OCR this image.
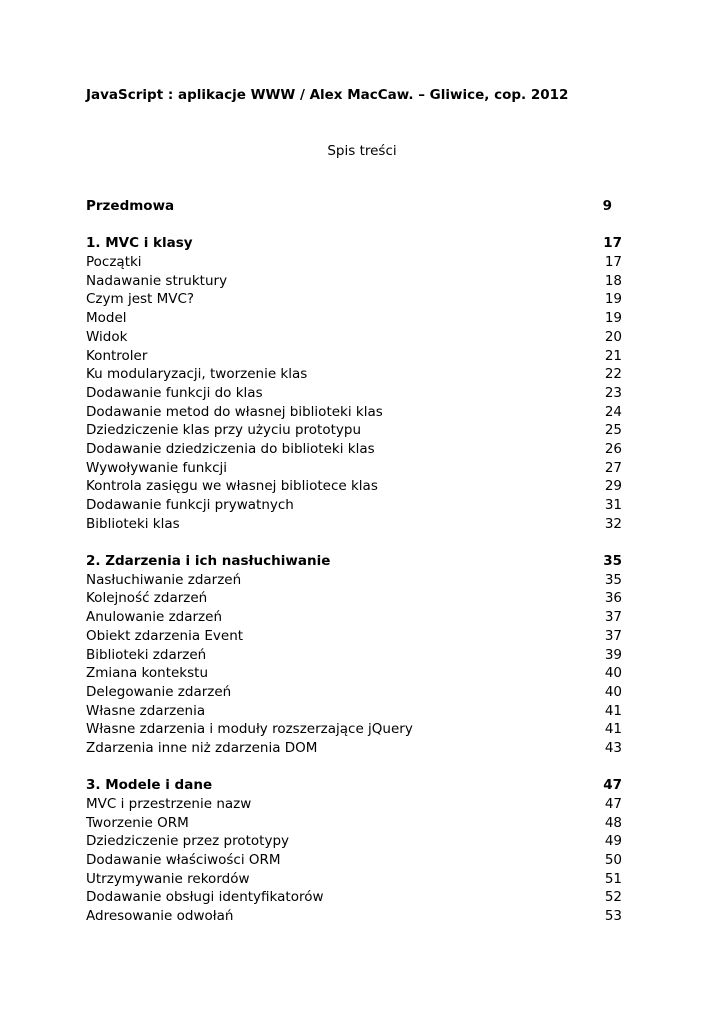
JavaScript : aplikacje WWW / Alex MacCaw. – Gliwice, cop. 2012
Spis treści
Przedmowa	9
1. MVC i klasy	17
Początki	17
Nadawanie struktury	18
Czym jest MVC?	19
Model	19
Widok	20
Kontroler	21
Ku modularyzacji, tworzenie klas	22
Dodawanie funkcji do klas	23
Dodawanie metod do własnej biblioteki klas	24
Dziedziczenie klas przy użyciu prototypu	25
Dodawanie dziedziczenia do biblioteki klas	26
Wywoływanie funkcji	27
Kontrola zasięgu we własnej bibliotece klas	29
Dodawanie funkcji prywatnych	31
Biblioteki klas	32
2. Zdarzenia i ich nasłuchiwanie	35
Nasłuchiwanie zdarzeń	35
Kolejność zdarzeń	36
Anulowanie zdarzeń	37
Obiekt zdarzenia Event	37
Biblioteki zdarzeń	39
Zmiana kontekstu	40
Delegowanie zdarzeń	40
Własne zdarzenia	41
Własne zdarzenia i moduły rozszerzające jQuery	41
Zdarzenia inne niż zdarzenia DOM	43
3. Modele i dane	47
MVC i przestrzenie nazw	47
Tworzenie ORM	48
Dziedziczenie przez prototypy	49
Dodawanie właściwości ORM	50
Utrzymywanie rekordów	51
Dodawanie obsługi identyfikatorów	52
Adresowanie odwołań	53
